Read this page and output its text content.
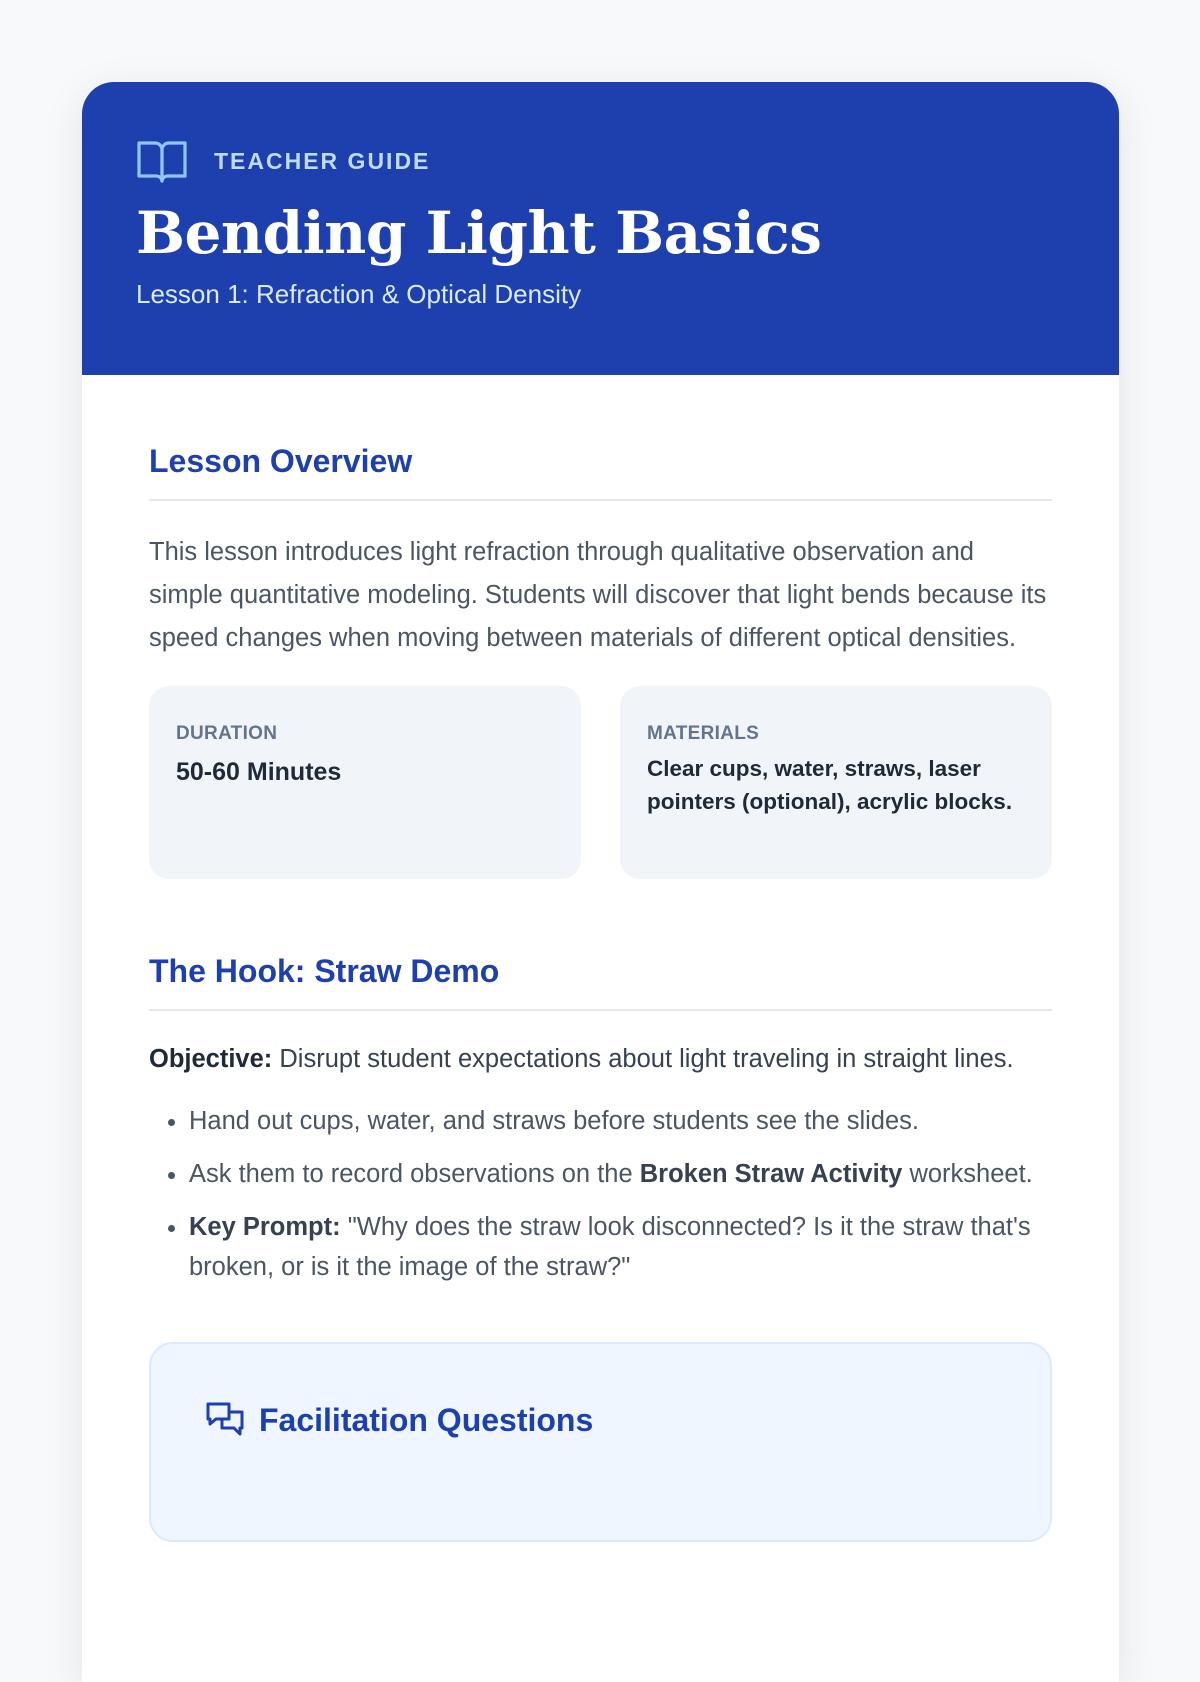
TEACHER GUIDE
Bending Light Basics
Lesson 1: Refraction & Optical Density
Lesson Overview

This lesson introduces light refraction through qualitative observation and simple quantitative modeling. Students will discover that light bends because its speed changes when moving between materials of different optical densities.

DURATION
50-60 Minutes
MATERIALS
Clear cups, water, straws, laser pointers (optional), acrylic blocks.
The Hook: Straw Demo

Objective: Disrupt student expectations about light traveling in straight lines.

• Hand out cups, water, and straws before students see the slides.
• Ask them to record observations on the Broken Straw Activity worksheet.
• Key Prompt: "Why does the straw look disconnected? Is it the straw that's broken, or is it the image of the straw?"
Facilitation Questions
